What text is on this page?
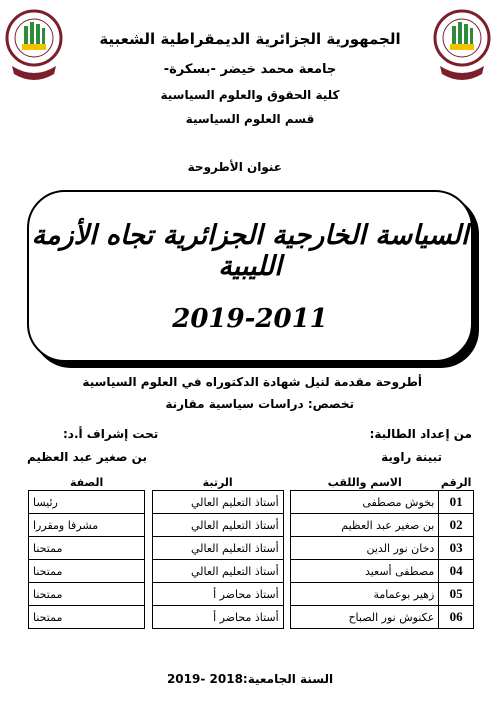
الجمهورية الجزائرية الديمقراطية الشعبية
جامعة محمد خيضر -بسكرة-
كلية الحقوق والعلوم السياسية
قسم العلوم السياسية
عنوان الأطروحة
السياسة الخارجية الجزائرية تجاه الأزمة الليبية
2019-2011
أطروحة مقدمة لنيل شهادة الدكتوراه في العلوم السياسية
تخصص: دراسات سياسية مقارنة
من إعداد الطالبة:
تحت إشراف أ.د:
تبينة راوية
بن صغير عبد العظيم
الرقم	الاسم واللقب		الرتبة		الصفة
01	بخوش مصطفى		أستاذ التعليم العالي		رئيسا
02	بن صغير عبد العظيم		أستاذ التعليم العالي		مشرفا ومقررا
03	دخان نور الدين		أستاذ التعليم العالي		ممتحنا
04	مصطفى أسعيد		أستاذ التعليم العالي		ممتحنا
05	زهير بوعمامة		أستاذ محاضر أ		ممتحنا
06	عكنوش نور الصباح		أستاذ محاضر أ		ممتحنا
السنة الجامعية:2018 -2019
